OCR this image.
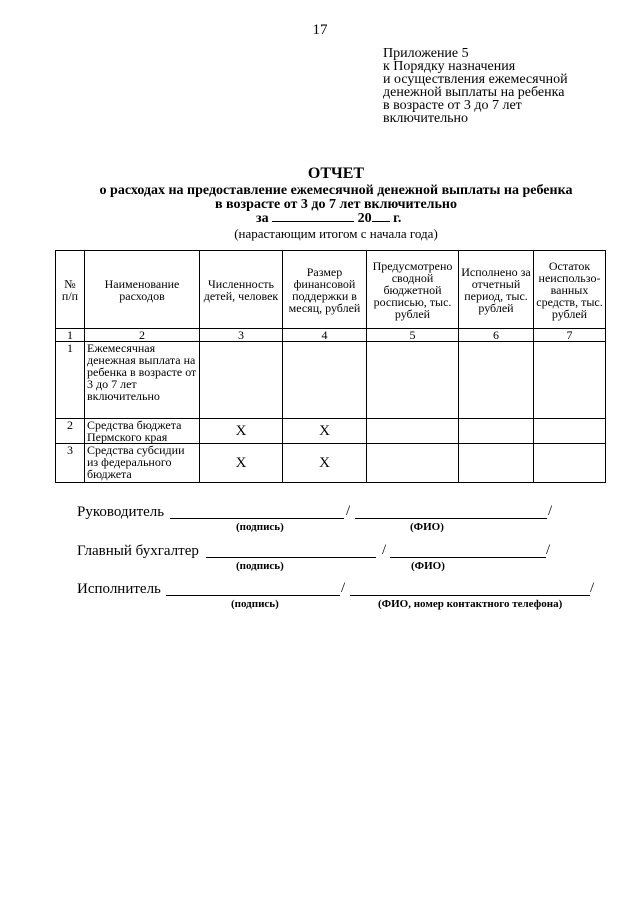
17
Приложение 5
к Порядку назначения
и осуществления ежемесячной
денежной выплаты на ребенка
в возрасте от 3 до 7 лет
включительно
ОТЧЕТ
о расходах на предоставление ежемесячной денежной выплаты на ребенка
в возрасте от 3 до 7 лет включительно
за	20 г.
(нарастающим итогом с начала года)
№ п/п	Наименование расходов	Численность детей, человек	Размер финансовой поддержки в месяц, рублей	Предусмотрено сводной бюджетной росписью, тыс. рублей	Исполнено за отчетный период, тыс. рублей	Остаток неиспользо-ванных средств, тыс. рублей
1	2	3	4	5	6	7
1	Ежемесячная денежная выплата на ребенка в возрасте от 3 до 7 лет включительно					
2	Средства бюджета Пермского края	X	X			
3	Средства субсидии из федерального бюджета	X	X			
Руководитель	/	/
(подпись)	(ФИО)
Главный бухгалтер	/	/
(подпись)	(ФИО)
Исполнитель	/	/
(подпись)	(ФИО, номер контактного телефона)
